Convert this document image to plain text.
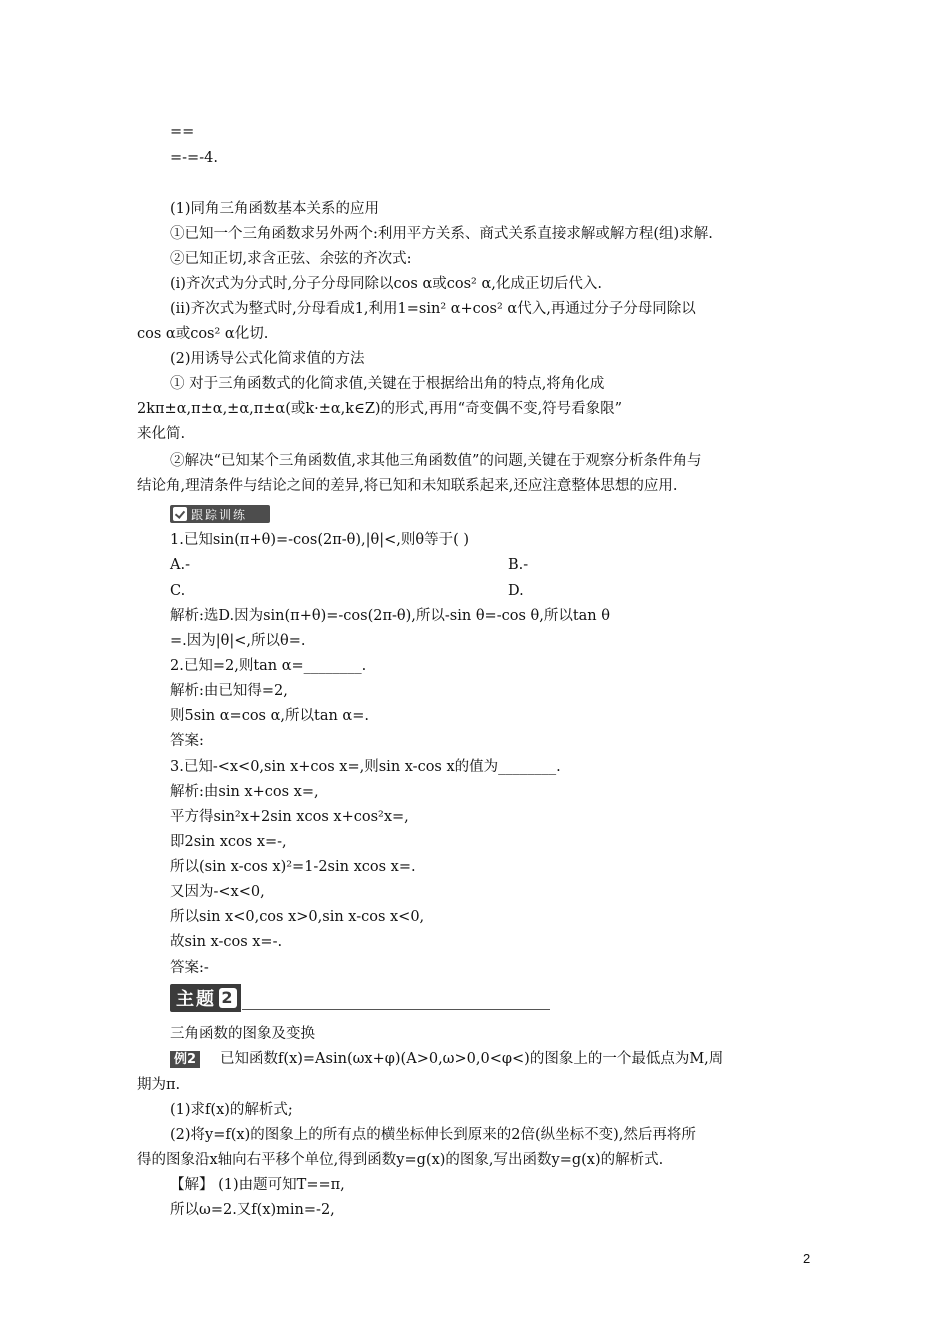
==
=-=-4.
(1)同角三角函数基本关系的应用
①已知一个三角函数求另外两个:利用平方关系、商式关系直接求解或解方程(组)求解.
②已知正切,求含正弦、余弦的齐次式:
(i)齐次式为分式时,分子分母同除以cos α或cos² α,化成正切后代入.
(ii)齐次式为整式时,分母看成1,利用1=sin² α+cos² α代入,再通过分子分母同除以
cos α或cos² α化切.
(2)用诱导公式化简求值的方法
① 对于三角函数式的化简求值,关键在于根据给出角的特点,将角化成
2kπ±α,π±α,±α,π±α(或k·±α,k∈Z)的形式,再用“奇变偶不变,符号看象限”
来化简.
②解决“已知某个三角函数值,求其他三角函数值”的问题,关键在于观察分析条件角与
结论角,理清条件与结论之间的差异,将已知和未知联系起来,还应注意整体思想的应用.
1.已知sin(π+θ)=-cos(2π-θ),|θ|<,则θ等于( )
A.-
C.
解析:选D.因为sin(π+θ)=-cos(2π-θ),所以-sin θ=-cos θ,所以tan θ
=.因为|θ|<,所以θ=.
2.已知=2,则tan α=________.
解析:由已知得=2,
则5sin α=cos α,所以tan α=.
答案:
3.已知-<x<0,sin x+cos x=,则sin x-cos x的值为________.
解析:由sin x+cos x=,
平方得sin²x+2sin xcos x+cos²x=,
即2sin xcos x=-,
所以(sin x-cos x)²=1-2sin xcos x=.
又因为-<x<0,
所以sin x<0,cos x>0,sin x-cos x<0,
故sin x-cos x=-.
答案:-
三角函数的图象及变换
期为π.
(1)求f(x)的解析式;
(2)将y=f(x)的图象上的所有点的横坐标伸长到原来的2倍(纵坐标不变),然后再将所
得的图象沿x轴向右平移个单位,得到函数y=g(x)的图象,写出函数y=g(x)的解析式.
【解】 (1)由题可知T==π,
所以ω=2.又f(x)min=-2,
B.-
D.
跟踪训练
主题 2
例2 已知函数f(x)=Asin(ωx+φ)(A>0,ω>0,0<φ<)的图象上的一个最低点为M,周
2
